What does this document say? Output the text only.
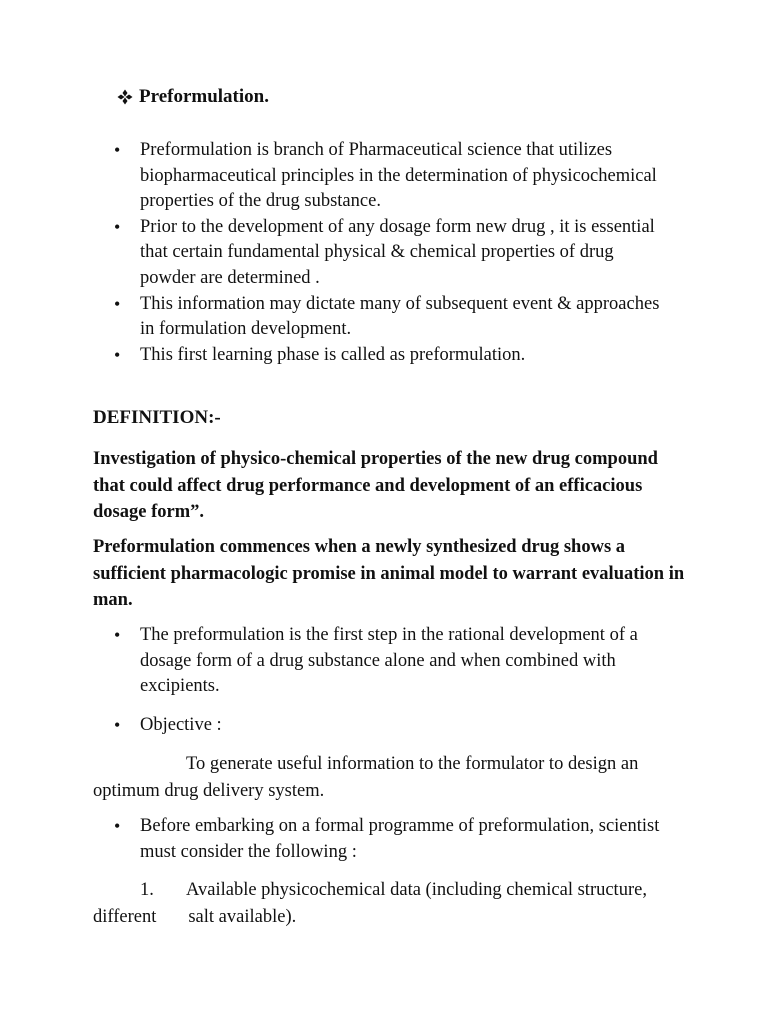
Preformulation.
• Preformulation is branch of Pharmaceutical science that utilizes biopharmaceutical principles in the determination of physicochemical properties of the drug substance.
• Prior to the development of any dosage form new drug , it is essential that certain fundamental physical & chemical properties of drug powder are determined .
• This information may dictate many of subsequent event & approaches in formulation development.
• This first learning phase is called as preformulation.
DEFINITION:-

Investigation of physico-chemical properties of the new drug compound that could affect drug performance and development of an efficacious dosage form”.

Preformulation commences when a newly synthesized drug shows a sufficient pharmacologic promise in animal model to warrant evaluation in man.

• The preformulation is the first step in the rational development of a dosage form of a drug substance alone and when combined with excipients.
• Objective :

To generate useful information to the formulator to design an optimum drug delivery system.

• Before embarking on a formal programme of preformulation, scientist must consider the following :

1. Available physicochemical data (including chemical structure, different salt available).
